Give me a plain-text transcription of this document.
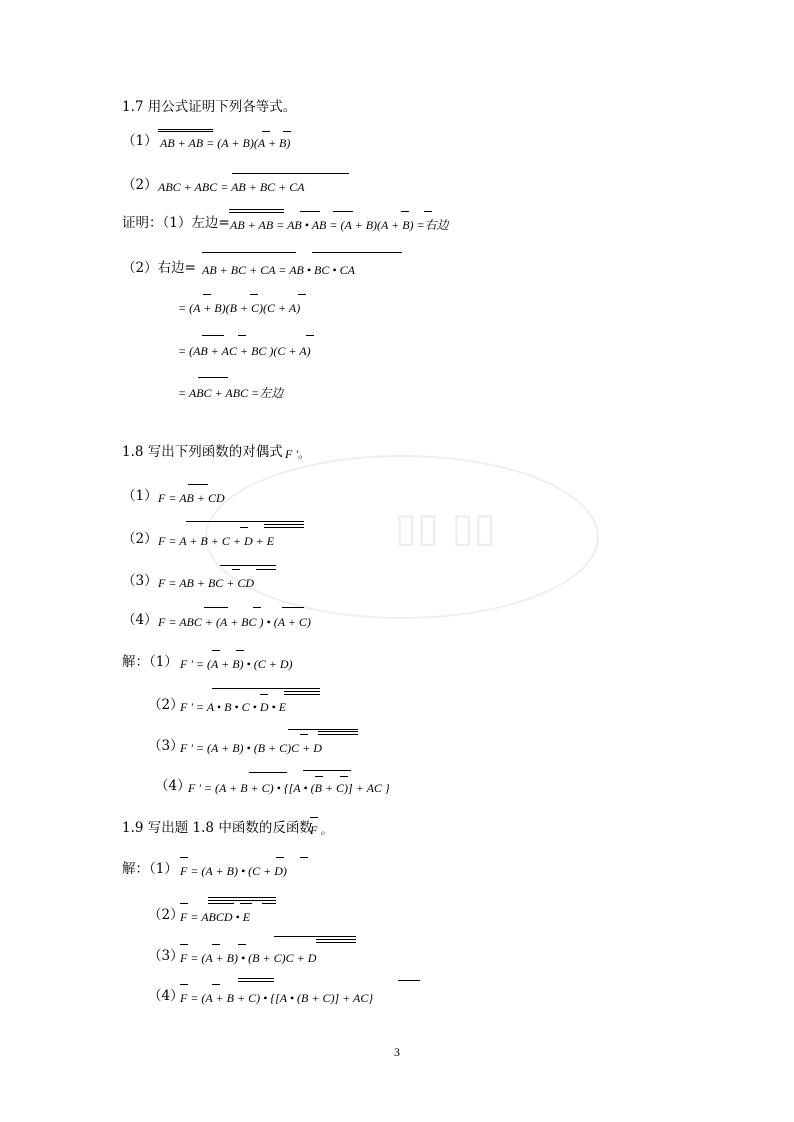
▯▯ ▯▯
1.7 用公式证明下列各等式。
（1） AB + AB = (A + B)(A + B)
（2） ABC + ABC = AB + BC + CA
证明：（1）左边= AB + AB = AB • AB = (A + B)(A + B) =右边
（2）右边= AB + BC + CA = AB • BC • CA
= (A + B)(B + C)(C + A)
= (AB + AC + BC )(C + A)
= ABC + ABC =左边
1.8 写出下列函数的对偶式 F '。
（1） F = AB + CD
（2） F = A + B + C + D + E
（3） F = AB + BC + CD
（4） F = ABC + (A + BC ) • (A + C)
解：（1） F ' = (A + B) • (C + D)
（2）
F ' = A • B • C • D • E
（3）
F ' = (A + B) • (B + C)C + D
（4）
F ' = (A + B + C) • {[A • (B + C)] + AC }
1.9 写出题 1.8 中函数的反函数
F 。
解：（1） F = (A + B) • (C + D)
（2）
F = ABCD • E
（3）
F = (A + B) • (B + C)C + D
（4）
F = (A + B + C) • {[A • (B + C)] + AC}
3
